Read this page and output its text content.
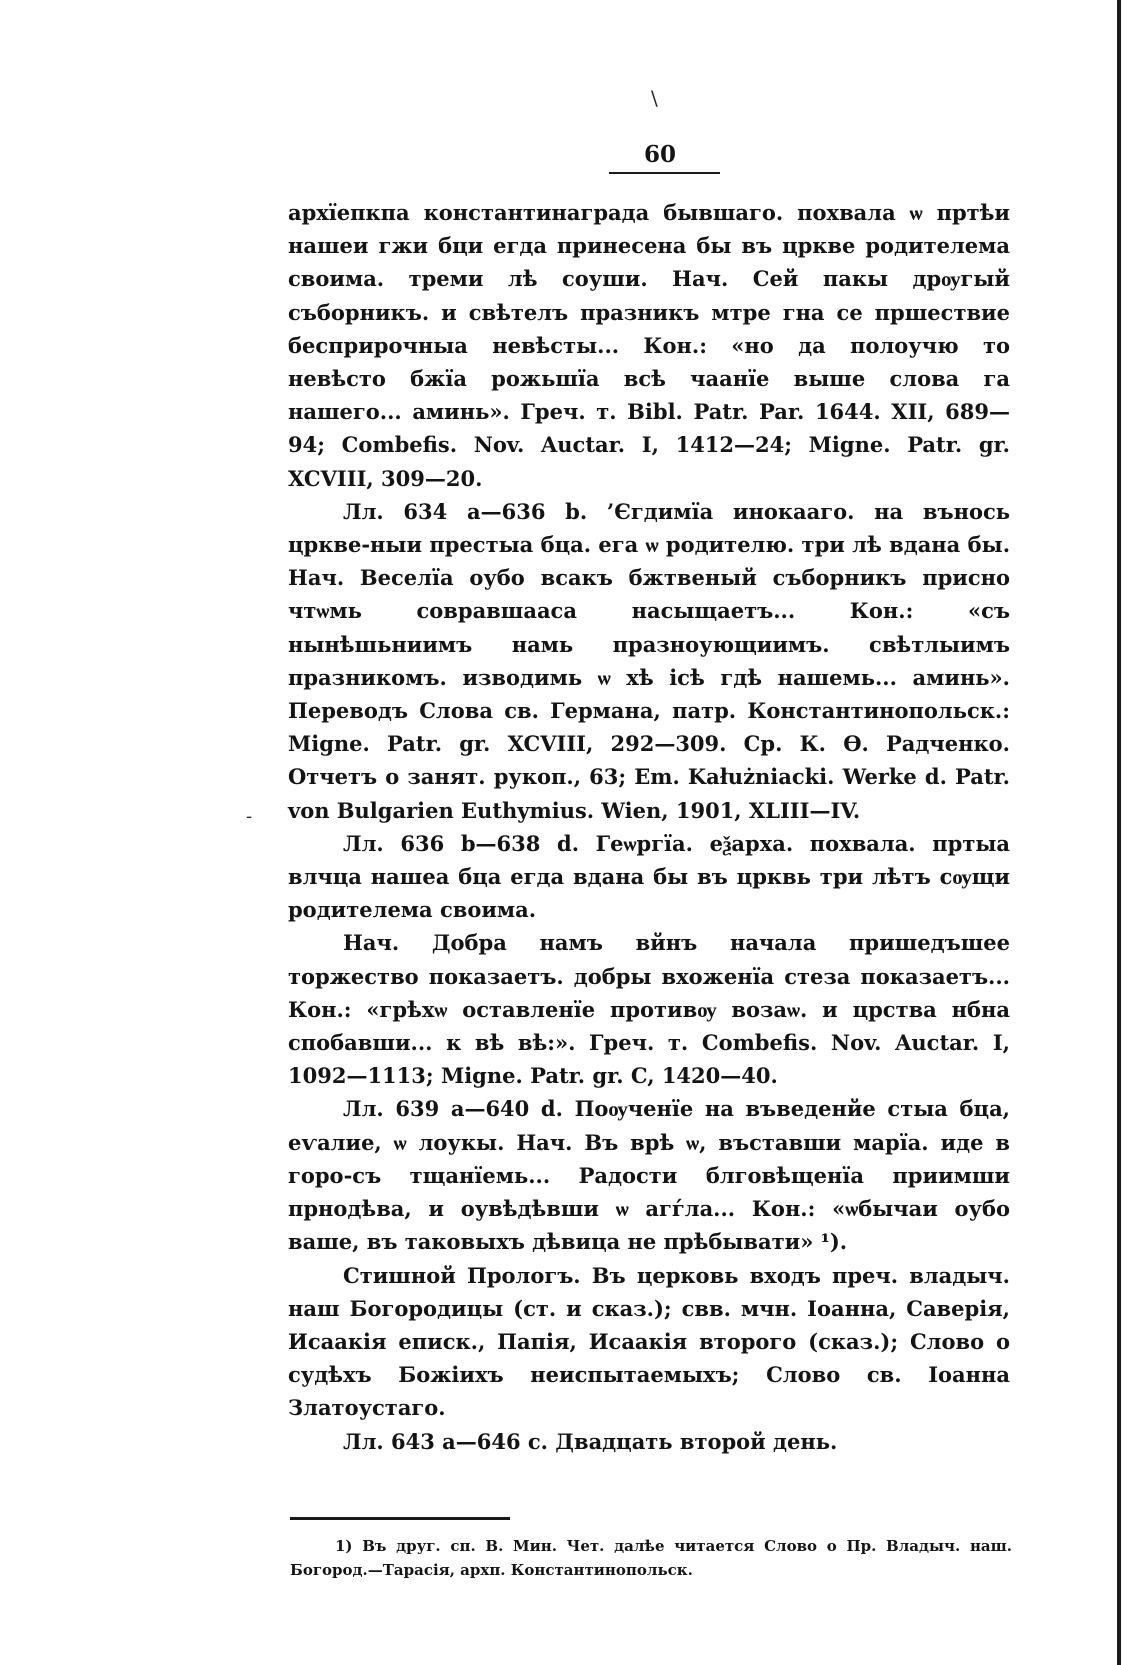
\
-
60

архїепкпа константинаграда бывшаго. похвала ѡ пртѣи нашеи гжи бци егда принесена бы въ цркве родителема своима. треми лѣ соуши. Нач. Сей пакы дрѹгый съборникъ. и свѣтелъ празникъ мтре гна се пршествие бесприрочныа невѣсты... Кон.: «но да полоучю то невѣсто бжїа рожьшїа всѣ чаанїе выше слова га нашего... аминь». Греч. т. Bibl. Patr. Par. 1644. XII, 689—94; Combefis. Nov. Auctar. I, 1412—24; Migne. Patr. gr. XCVIII, 309—20.

Лл. 634 a—636 b. ’Єгдимїа инокааго. на вънось цркве-ныи престыа бца. ега ѡ родителю. три лѣ вдана бы. Нач. Веселїа оубо всакъ бжтвеный съборникъ присно чтѡмь совравшааса насыщаетъ... Кон.: «съ нынѣшьниимъ намь празноующиимъ. свѣтлыимъ празникомъ. изводимь ѡ хѣ ісѣ гдѣ нашемь... аминь». Переводъ Слова св. Германа, патр. Константинопольск.: Migne. Patr. gr. XCVIII, 292—309. Ср. К. Ѳ. Радченко. Отчетъ о занят. рукоп., 63; Em. Kałużniacki. Werke d. Patr. von Bulgarien Euthymius. Wien, 1901, XLIII—IV.

Лл. 636 b—638 d. Геѡргїа. еѯарха. похвала. пртыа влчца нашеа бца егда вдана бы въ црквь три лѣтъ сѹщи родителема своима.

Нач. Добра намъ вйнъ начала пришедъшее торжество показаетъ. добры вхоженїа стеза показаетъ... Кон.: «грѣхѡ оставленїе противѹ возаѡ. и црства нбна спобавши... к вѣ вѣ:». Греч. т. Combefis. Nov. Auctar. I, 1092—1113; Migne. Patr. gr. C, 1420—40.

Лл. 639 a—640 d. Поѹченїе на въведенйе стыа бца, еѵалие, ѡ лоукы. Нач. Въ врѣ ѡ, въставши марїа. иде в горо-съ тщанїемь... Радости блговѣщенїа приимши прнодѣва, и оувѣдѣвши ѡ агѓла... Кон.: «ѡбычаи оубо ваше, въ таковыхъ дѣвица не прѣбывати» ¹).

Стишной Прологъ. Въ церковь входъ преч. владыч. наш Богородицы (ст. и сказ.); свв. мчн. Іоанна, Саверія, Исаакія еписк., Папія, Исаакія второго (сказ.); Слово о судѣхъ Божіихъ неиспытаемыхъ; Слово св. Іоанна Златоустаго.

Лл. 643 a—646 c. Двадцать второй день.

1) Въ друг. сп. В. Мин. Чет. далѣе читается Слово о Пр. Владыч. наш. Богород.—Тарасія, архп. Константинопольск.
